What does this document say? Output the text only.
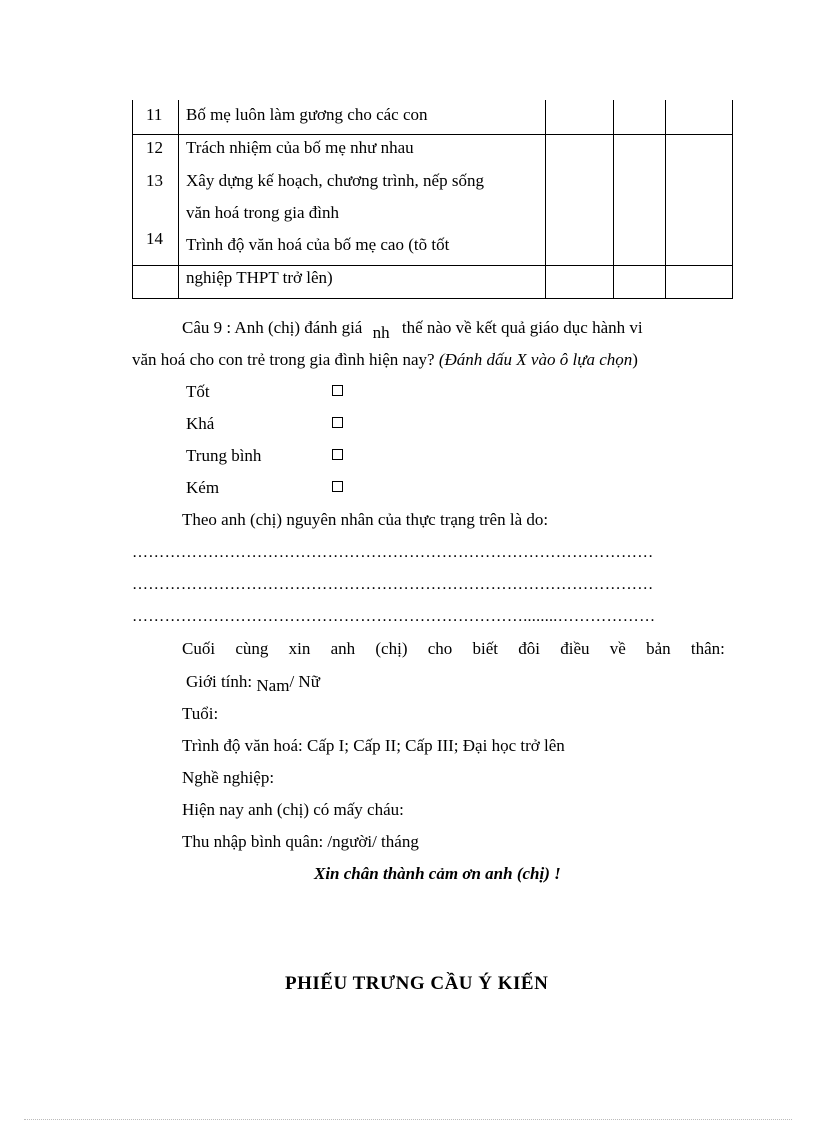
11 Bố mẹ luôn làm gương cho các con
12 Trách nhiệm của bố mẹ như nhau
13 Xây dựng kế hoạch, chương trình, nếp sống
văn hoá trong gia đình
14 Trình độ văn hoá của bố mẹ cao (tõ tốt
nghiệp THPT trở lên)
Câu 9 : Anh (chị) đánh giá nh thế nào về kết quả giáo dục hành vi
văn hoá cho con trẻ trong gia đình hiện nay? (Đánh dấu X vào ô lựa chọn)
Tốt
Khá
Trung bình
Kém
Theo anh (chị) nguyên nhân của thực trạng trên là do:
……………………………………………………………………………………
……………………………………………………………………………………
………………………………………………………………........………………
Cuối cùng xin anh (chị) cho biết đôi điều về bản thân:
Giới tính: Nam/ Nữ
Tuổi:
Trình độ văn hoá: Cấp I; Cấp II; Cấp III; Đại học trở lên
Nghề nghiệp:
Hiện nay anh (chị) có mấy cháu:
Thu nhập bình quân: /người/ tháng
Xin chân thành cảm ơn anh (chị) !
PHIẾU TRƯNG CẦU Ý KIẾN
